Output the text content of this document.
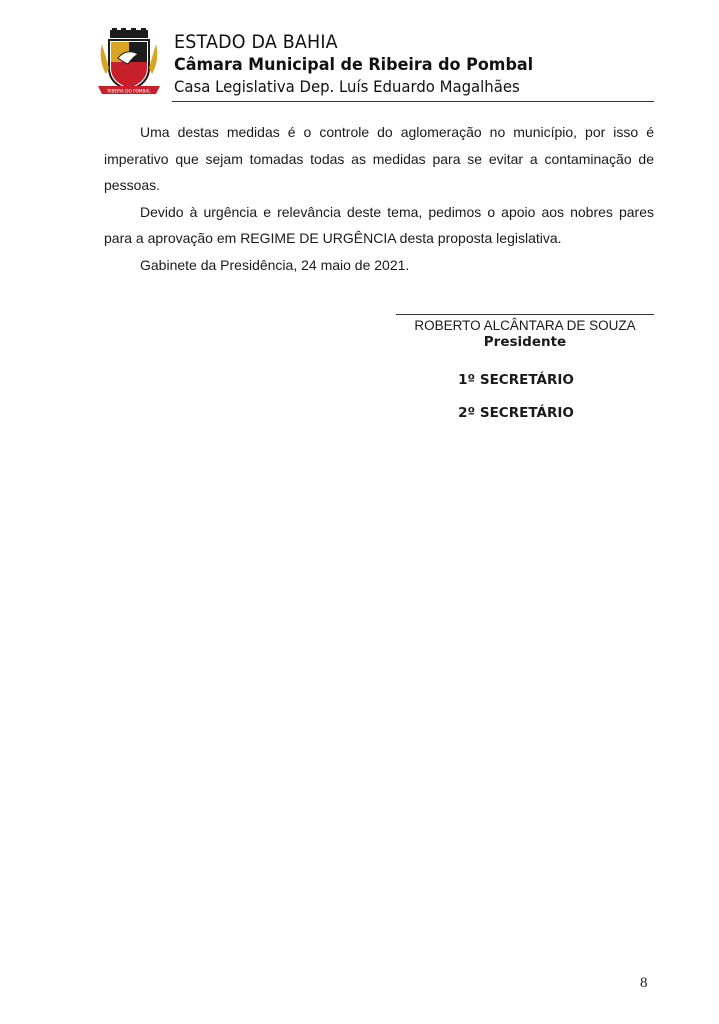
RIBEIRA DO POMBAL
ESTADO DA BAHIA
Câmara Municipal de Ribeira do Pombal
Casa Legislativa Dep. Luís Eduardo Magalhães

Uma destas medidas é o controle do aglomeração no município, por isso é imperativo que sejam tomadas todas as medidas para se evitar a contaminação de pessoas.

Devido à urgência e relevância deste tema, pedimos o apoio aos nobres pares para a aprovação em REGIME DE URGÊNCIA desta proposta legislativa.

Gabinete da Presidência, 24 maio de 2021.

ROBERTO ALCÂNTARA DE SOUZA
Presidente
1º SECRETÁRIO
2º SECRETÁRIO
8
